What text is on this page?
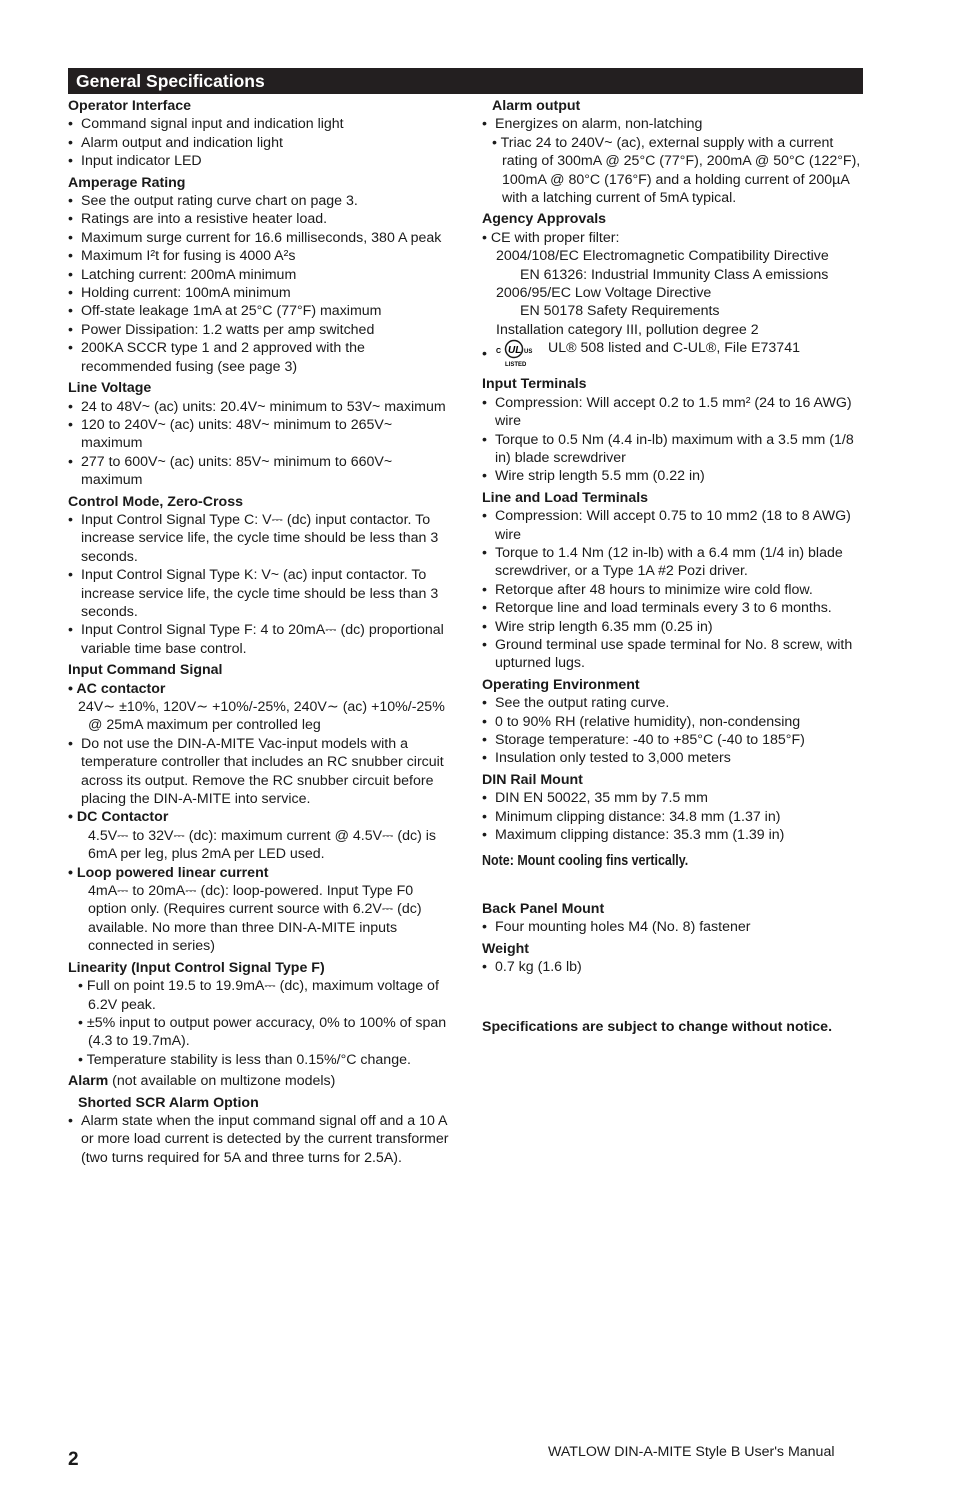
General Specifications
Operator Interface
• Command signal input and indication light
• Alarm output and indication light
• Input indicator LED
Amperage Rating
• See the output rating curve chart on page 3.
• Ratings are into a resistive heater load.
• Maximum surge current for 16.6 milliseconds, 380 A peak
• Maximum I²t for fusing is 4000 A²s
• Latching current: 200mA minimum
• Holding current: 100mA minimum
• Off-state leakage 1mA at 25°C (77°F) maximum
• Power Dissipation: 1.2 watts per amp switched
• 200KA SCCR type 1 and 2 approved with the recommended fusing (see page 3)
Line Voltage
• 24 to 48V~ (ac) units: 20.4V~ minimum to 53V~ maximum
• 120 to 240V~ (ac) units: 48V~ minimum to 265V~ maximum
• 277 to 600V~ (ac) units: 85V~ minimum to 660V~ maximum
Control Mode, Zero-Cross
• Input Control Signal Type C: V⎓ (dc) input contactor. To increase service life, the cycle time should be less than 3 seconds.
• Input Control Signal Type K: V~ (ac) input contactor. To increase service life, the cycle time should be less than 3 seconds.
• Input Control Signal Type F: 4 to 20mA⎓ (dc) proportional variable time base control.
Input Command Signal
• AC contactor
24V∼ ±10%, 120V∼ +10%/-25%, 240V∼ (ac) +10%/-25% @ 25mA maximum per controlled leg
• Do not use the DIN-A-MITE Vac-input models with a temperature controller that includes an RC snubber circuit across its output. Remove the RC snubber circuit before placing the DIN-A-MITE into service.
• DC Contactor
4.5V⎓ to 32V⎓ (dc): maximum current @ 4.5V⎓ (dc) is 6mA per leg, plus 2mA per LED used.
• Loop powered linear current
4mA⎓ to 20mA⎓ (dc): loop-powered. Input Type F0 option only. (Requires current source with 6.2V⎓ (dc) available. No more than three DIN-A-MITE inputs connected in series)
Linearity (Input Control Signal Type F)
• Full on point 19.5 to 19.9mA⎓ (dc), maximum voltage of 6.2V peak.
• ±5% input to output power accuracy, 0% to 100% of span (4.3 to 19.7mA).
• Temperature stability is less than 0.15%/°C change.
Alarm (not available on multizone models)
Shorted SCR Alarm Option
• Alarm state when the input command signal off and a 10 A or more load current is detected by the current transformer (two turns required for 5A and three turns for 2.5A).
Alarm output
• Energizes on alarm, non-latching
• Triac 24 to 240V~ (ac), external supply with a current rating of 300mA @ 25°C (77°F), 200mA @ 50°C (122°F), 100mA @ 80°C (176°F) and a holding current of 200µA with a latching current of 5mA typical.
Agency Approvals
• CE with proper filter:
2004/108/EC Electromagnetic Compatibility Directive
EN 61326: Industrial Immunity Class A emissions
2006/95/EC Low Voltage Directive
EN 50178 Safety Requirements
Installation category III, pollution degree 2
• C UL US
LISTED
UL® 508 listed and C-UL®, File E73741
Input Terminals
• Compression: Will accept 0.2 to 1.5 mm² (24 to 16 AWG) wire
• Torque to 0.5 Nm (4.4 in-lb) maximum with a 3.5 mm (1/8 in) blade screwdriver
• Wire strip length 5.5 mm (0.22 in)
Line and Load Terminals
• Compression: Will accept 0.75 to 10 mm2 (18 to 8 AWG) wire
• Torque to 1.4 Nm (12 in-lb) with a 6.4 mm (1/4 in) blade screwdriver, or a Type 1A #2 Pozi driver.
• Retorque after 48 hours to minimize wire cold flow.
• Retorque line and load terminals every 3 to 6 months.
• Wire strip length 6.35 mm (0.25 in)
• Ground terminal use spade terminal for No. 8 screw, with upturned lugs.
Operating Environment
• See the output rating curve.
• 0 to 90% RH (relative humidity), non-condensing
• Storage temperature: -40 to +85°C (-40 to 185°F)
• Insulation only tested to 3,000 meters
DIN Rail Mount
• DIN EN 50022, 35 mm by 7.5 mm
• Minimum clipping distance: 34.8 mm (1.37 in)
• Maximum clipping distance: 35.3 mm (1.39 in)
Note: Mount cooling fins vertically.
Back Panel Mount
• Four mounting holes M4 (No. 8) fastener
Weight
• 0.7 kg (1.6 lb)
Specifications are subject to change without notice.
2	WATLOW DIN-A-MITE Style B User's Manual
